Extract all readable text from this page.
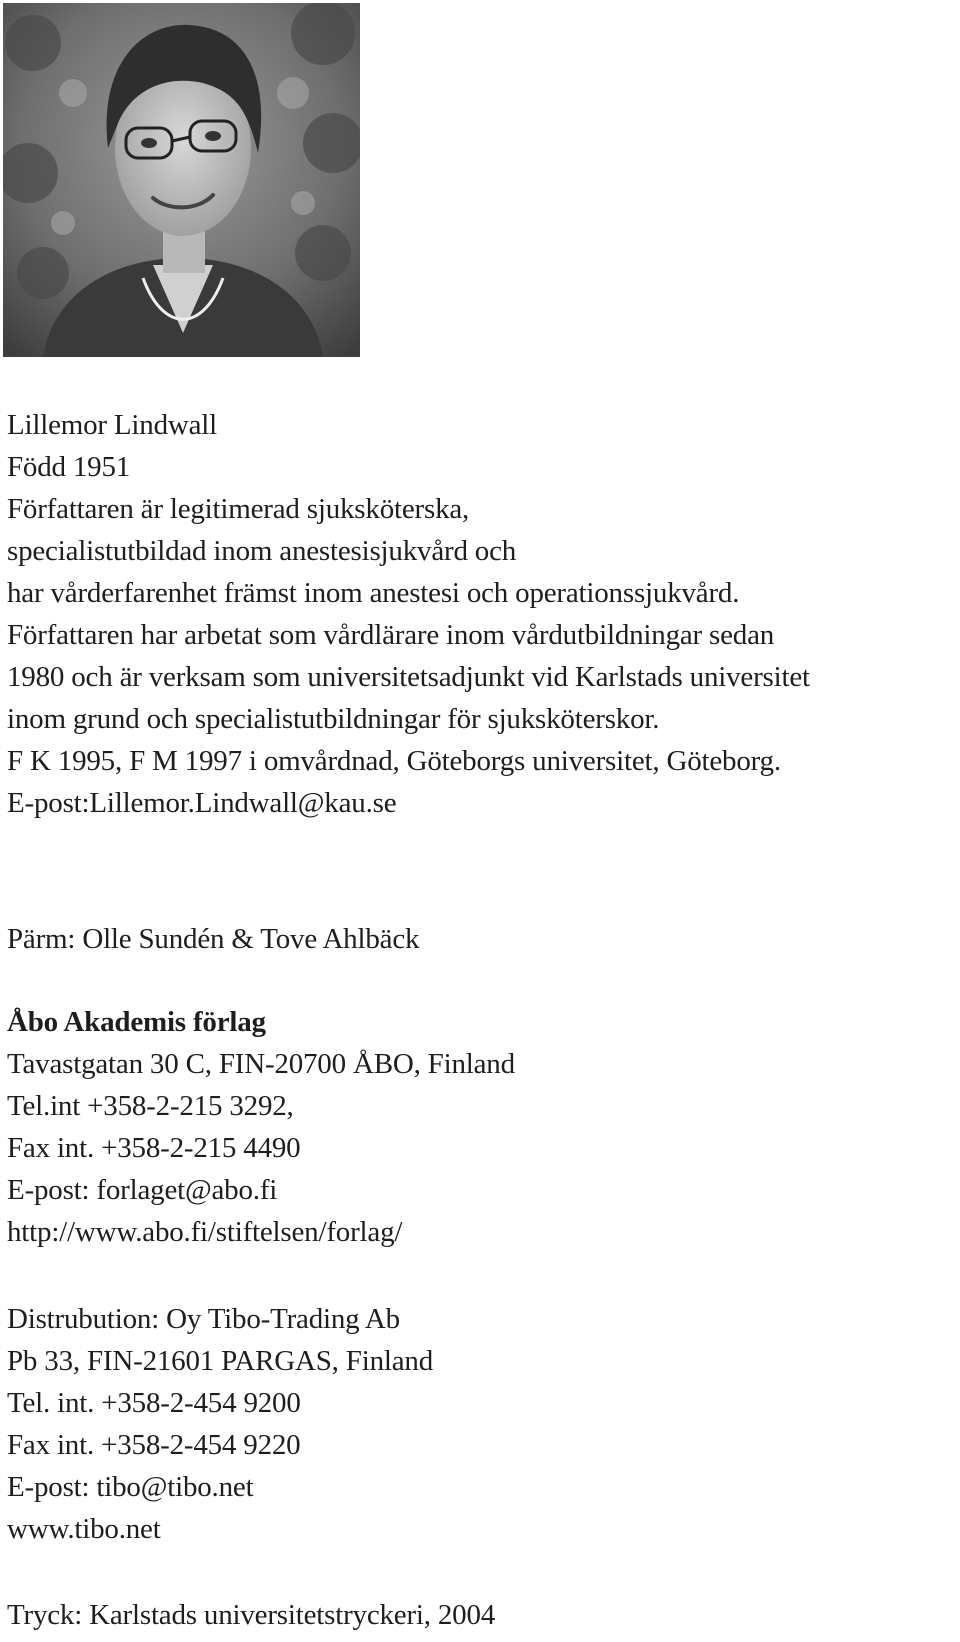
Lillemor Lindwall
Född 1951
Författaren är legitimerad sjuksköterska,
specialistutbildad inom anestesisjukvård och
har vårderfarenhet främst inom anestesi och operationssjukvård.
Författaren har arbetat som vårdlärare inom vårdutbildningar sedan
1980 och är verksam som universitetsadjunkt vid Karlstads universitet
inom grund och specialistutbildningar för sjuksköterskor.
F K 1995, F M 1997 i omvårdnad, Göteborgs universitet, Göteborg.
E-post:Lillemor.Lindwall@kau.se
Pärm: Olle Sundén & Tove Ahlbäck
Åbo Akademis förlag
Tavastgatan 30 C, FIN-20700 ÅBO, Finland
Tel.int +358-2-215 3292,
Fax int. +358-2-215 4490
E-post: forlaget@abo.fi
http://www.abo.fi/stiftelsen/forlag/
Distrubution: Oy Tibo-Trading Ab
Pb 33, FIN-21601 PARGAS, Finland
Tel. int. +358-2-454 9200
Fax int. +358-2-454 9220
E-post: tibo@tibo.net
www.tibo.net
Tryck: Karlstads universitetstryckeri, 2004
